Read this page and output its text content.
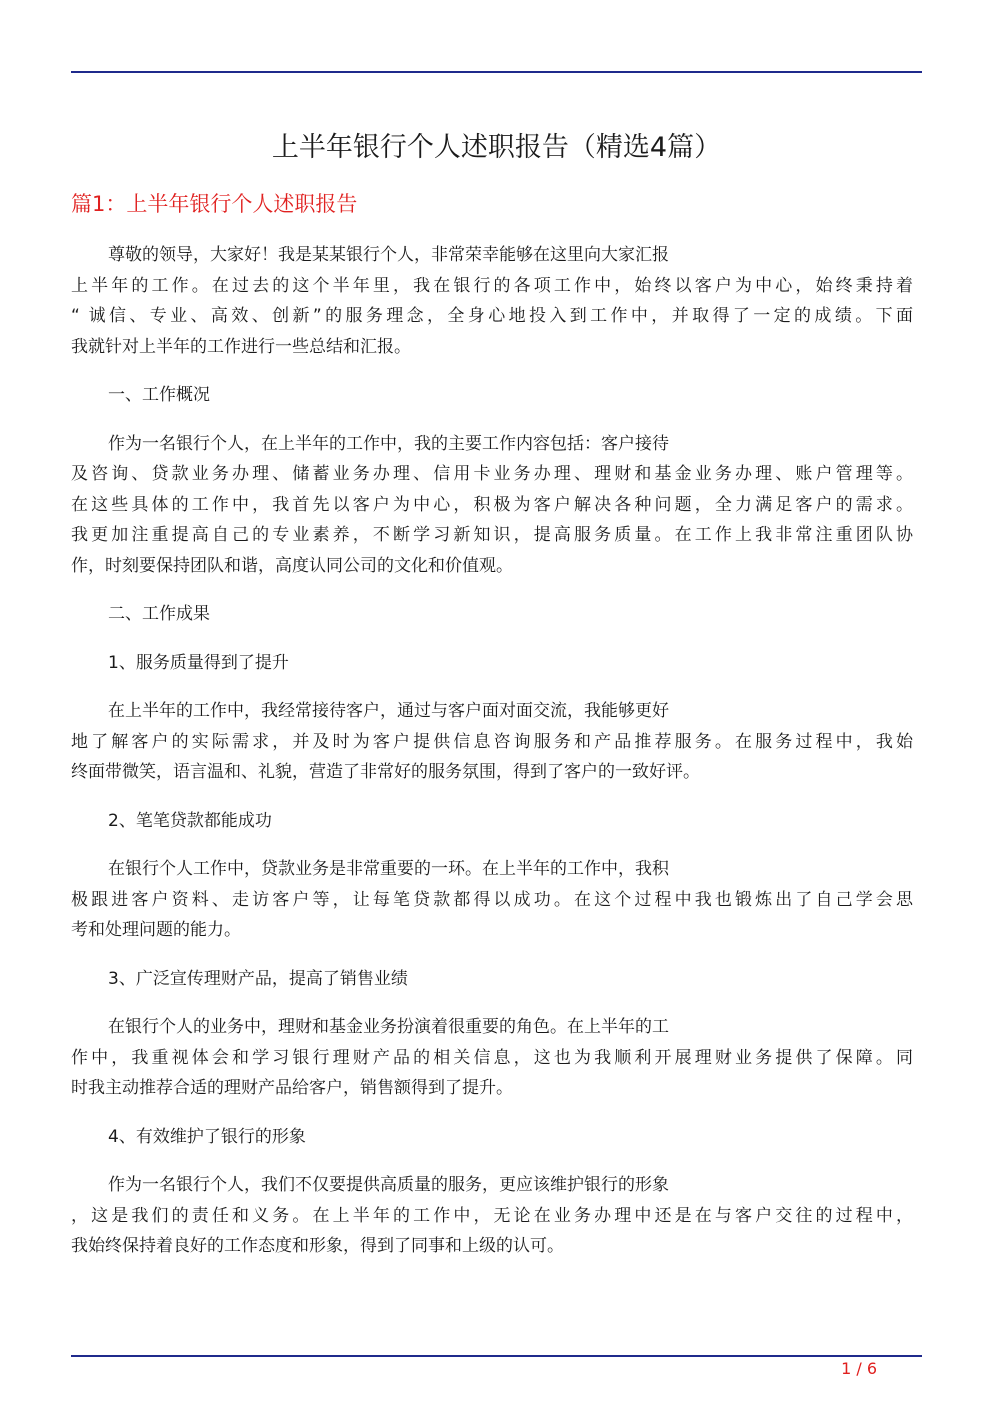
上半年银行个人述职报告（精选4篇）
篇1：上半年银行个人述职报告

尊敬的领导，大家好！我是某某银行个人，非常荣幸能够在这里向大家汇报
上半年的工作。在过去的这个半年里，我在银行的各项工作中，始终以客户为中心，始终秉持着
“ 诚信、专业、高效、创新”的服务理念，全身心地投入到工作中，并取得了一定的成绩。下面
我就针对上半年的工作进行一些总结和汇报。

一、工作概况

作为一名银行个人，在上半年的工作中，我的主要工作内容包括：客户接待
及咨询、贷款业务办理、储蓄业务办理、信用卡业务办理、理财和基金业务办理、账户管理等。
在这些具体的工作中，我首先以客户为中心，积极为客户解决各种问题，全力满足客户的需求。
我更加注重提高自己的专业素养，不断学习新知识，提高服务质量。在工作上我非常注重团队协
作，时刻要保持团队和谐，高度认同公司的文化和价值观。

二、工作成果

1、服务质量得到了提升

在上半年的工作中，我经常接待客户，通过与客户面对面交流，我能够更好
地了解客户的实际需求，并及时为客户提供信息咨询服务和产品推荐服务。在服务过程中，我始
终面带微笑，语言温和、礼貌，营造了非常好的服务氛围，得到了客户的一致好评。

2、笔笔贷款都能成功

在银行个人工作中，贷款业务是非常重要的一环。在上半年的工作中，我积
极跟进客户资料、走访客户等，让每笔贷款都得以成功。在这个过程中我也锻炼出了自己学会思
考和处理问题的能力。

3、广泛宣传理财产品，提高了销售业绩

在银行个人的业务中，理财和基金业务扮演着很重要的角色。在上半年的工
作中，我重视体会和学习银行理财产品的相关信息，这也为我顺利开展理财业务提供了保障。同
时我主动推荐合适的理财产品给客户，销售额得到了提升。

4、有效维护了银行的形象

作为一名银行个人，我们不仅要提供高质量的服务，更应该维护银行的形象
，这是我们的责任和义务。在上半年的工作中，无论在业务办理中还是在与客户交往的过程中，
我始终保持着良好的工作态度和形象，得到了同事和上级的认可。

1 / 6
